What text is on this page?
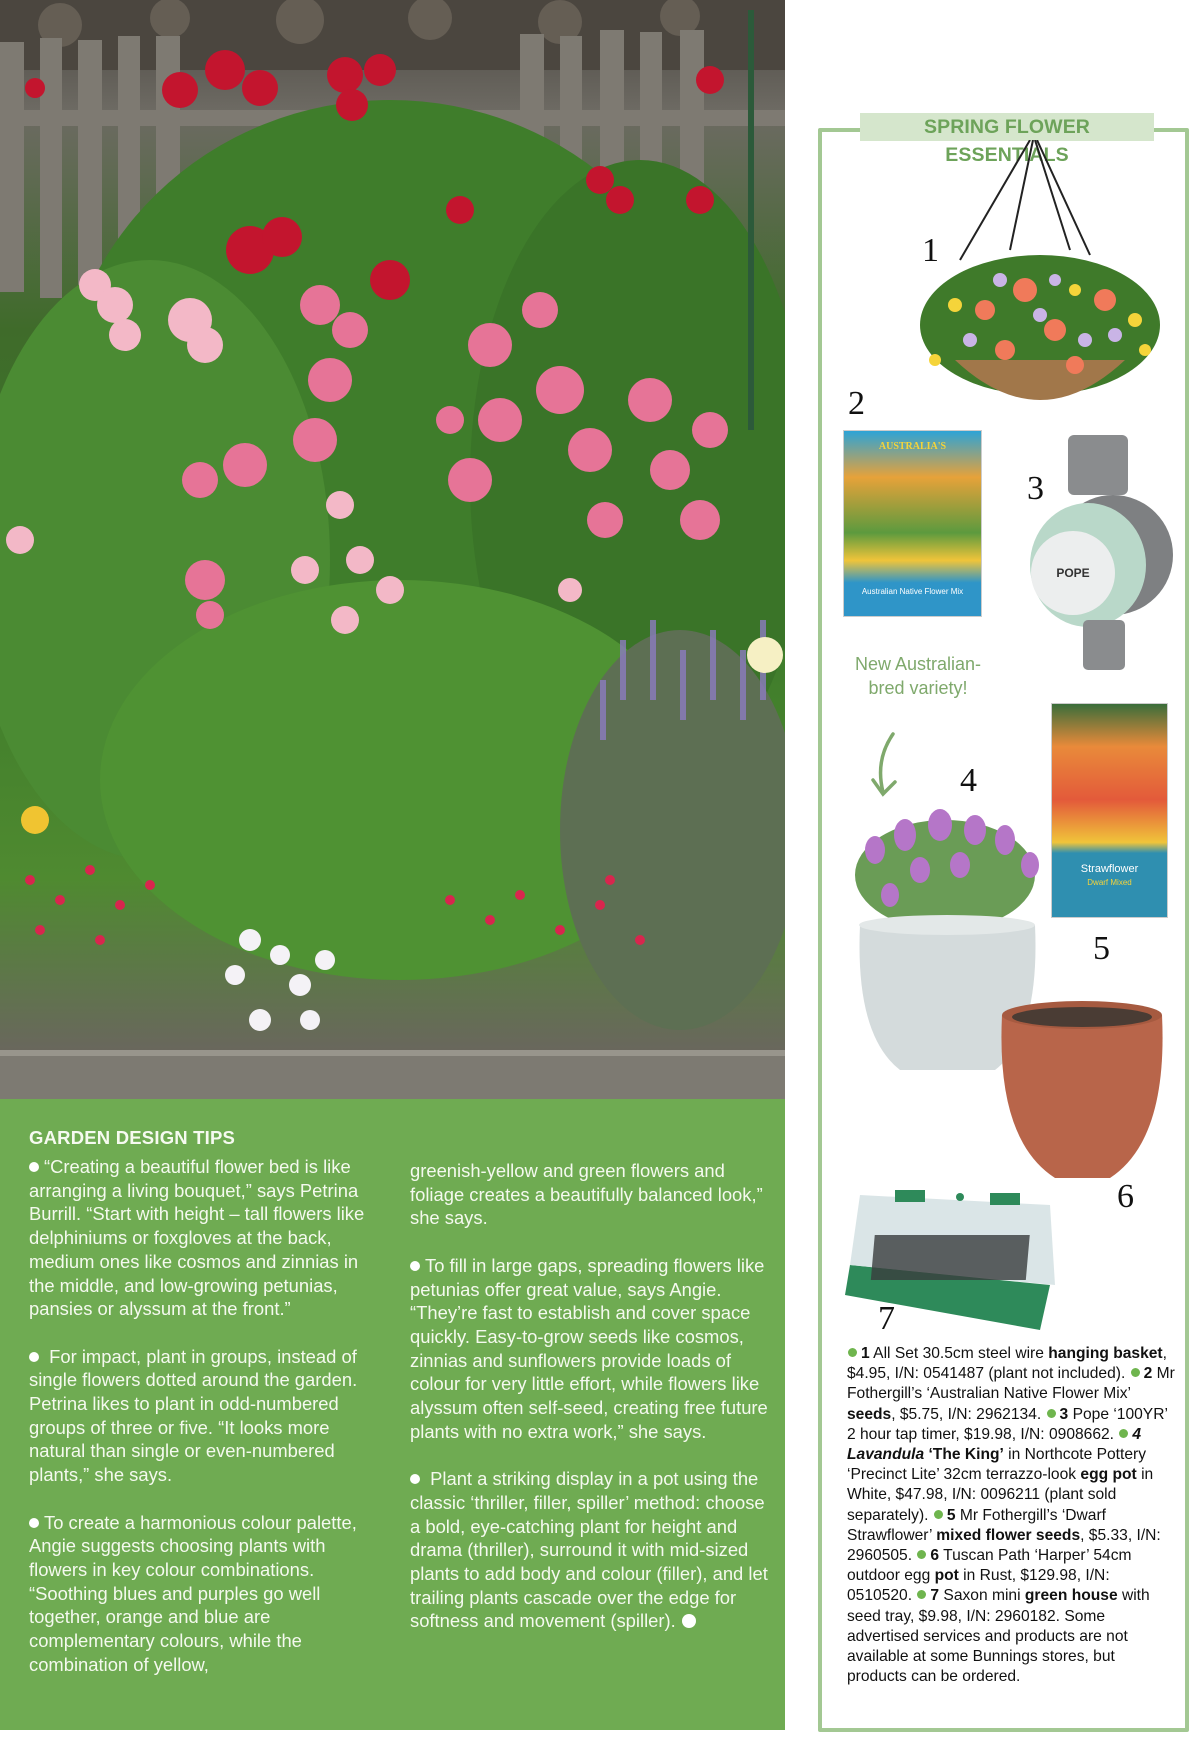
GARDEN DESIGN TIPS

“Creating a beautiful flower bed is like arranging a living bouquet,” says Petrina Burrill. “Start with height – tall flowers like delphiniums or foxgloves at the back, medium ones like cosmos and zinnias in the middle, and low-growing petunias, pansies or alyssum at the front.”

For impact, plant in groups, instead of single flowers dotted around the garden. Petrina likes to plant in odd-numbered groups of three or five. “It looks more natural than single or even-numbered plants,” she says.

To create a harmonious colour palette, Angie suggests choosing plants with flowers in key colour combinations. “Soothing blues and purples go well together, orange and blue are complementary colours, while the combination of yellow,

greenish-yellow and green flowers and foliage creates a beautifully balanced look,” she says.

To fill in large gaps, spreading flowers like petunias offer great value, says Angie. “They’re fast to establish and cover space quickly. Easy-to-grow seeds like cosmos, zinnias and sunflowers provide loads of colour for very little effort, while flowers like alyssum often self-seed, creating free future plants with no extra work,” she says.

Plant a striking display in a pot using the classic ‘thriller, filler, spiller’ method: choose a bold, eye-catching plant for height and drama (thriller), surround it with mid-sized plants to add body and colour (filler), and let trailing plants cascade over the edge for softness and movement (spiller).

SPRING FLOWER ESSENTIALS
1
2
AUSTRALIA'S
Australian Native Flower Mix
3
POPE
New Australian-bred variety!
4
Strawflower
Dwarf Mixed
5
6
7
1 All Set 30.5cm steel wire hanging basket, $4.95, I/N: 0541487 (plant not included). 2 Mr Fothergill’s ‘Australian Native Flower Mix’ seeds, $5.75, I/N: 2962134. 3 Pope ‘100YR’ 2 hour tap timer, $19.98, I/N: 0908662. 4 Lavandula ‘The King’ in Northcote Pottery ‘Precinct Lite’ 32cm terrazzo-look egg pot in White, $47.98, I/N: 0096211 (plant sold separately). 5 Mr Fothergill’s ‘Dwarf Strawflower’ mixed flower seeds, $5.33, I/N: 2960505. 6 Tuscan Path ‘Harper’ 54cm outdoor egg pot in Rust, $129.98, I/N: 0510520. 7 Saxon mini green house with seed tray, $9.98, I/N: 2960182. Some advertised services and products are not available at some Bunnings stores, but products can be ordered.
